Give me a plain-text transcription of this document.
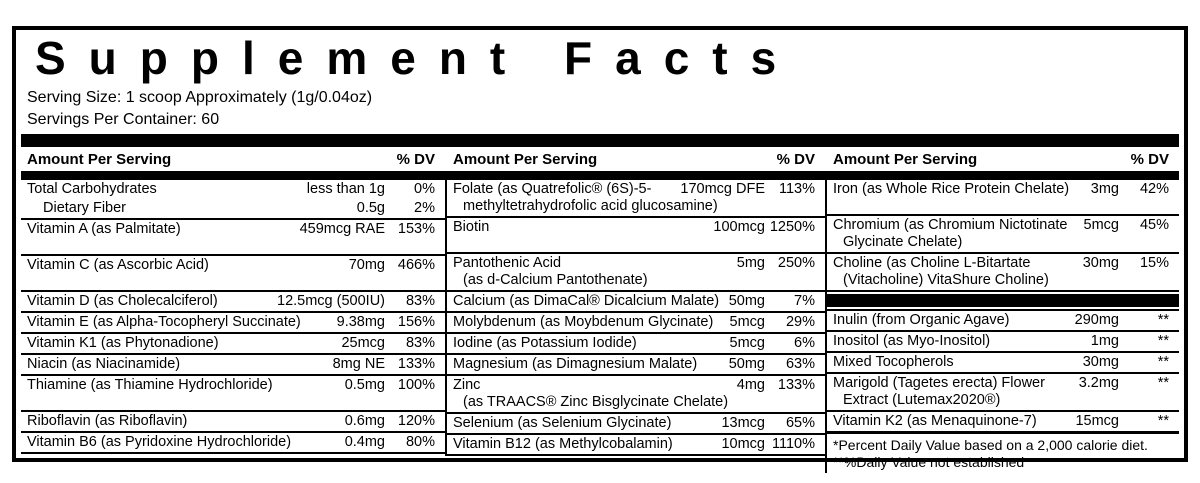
Supplement Facts
Serving Size: 1 scoop Approximately (1g/0.04oz)
Servings Per Container: 60
Amount Per Serving	% DV Amount Per Serving	% DV Amount Per Serving	% DV
Total Carbohydrates	less than 1g	0%
Dietary Fiber	0.5g	2%
Vitamin A (as Palmitate)	459mcg RAE 153%
Vitamin C (as Ascorbic Acid)	70mg 466%
Vitamin D (as Cholecalciferol)	12.5mcg (500IU)	83%
Vitamin E (as Alpha-Tocopheryl Succinate) 9.38mg 156%
Vitamin K1 (as Phytonadione)	25mcg	83%
Niacin (as Niacinamide)	8mg NE 133%
Thiamine (as Thiamine Hydrochloride)	0.5mg 100%
Riboflavin (as Riboflavin)	0.6mg 120%
Vitamin B6 (as Pyridoxine Hydrochloride)	0.4mg	80%
Folate (as Quatrefolic® (6S)-5- 170mcg DFE 113%
methyltetrahydrofolic acid glucosamine)
Biotin	100mcg 1250%
Pantothenic Acid	5mg 250%
(as d-Calcium Pantothenate)
Calcium (as DimaCal® Dicalcium Malate) 50mg	7%
Molybdenum (as Moybdenum Glycinate) 5mcg	29%
Iodine (as Potassium Iodide)	5mcg	6%
Magnesium (as Dimagnesium Malate) 50mg	63%
Zinc	4mg 133%
(as TRAACS® Zinc Bisglycinate Chelate)
Selenium (as Selenium Glycinate)	13mcg	65%
Vitamin B12 (as Methylcobalamin)	10mcg 1110%
Iron (as Whole Rice Protein Chelate) 3mg	42%
Chromium (as Chromium Nictotinate 5mcg	45%
Glycinate Chelate)
Choline (as Choline L-Bitartate	30mg	15%
(Vitacholine) VitaShure Choline)
Inulin (from Organic Agave)	290mg	**
Inositol (as Myo-Inositol)	1mg	**
Mixed Tocopherols	30mg	**
Marigold (Tagetes erecta) Flower 3.2mg	**
Extract (Lutemax2020®)
Vitamin K2 (as Menaquinone-7)	15mcg	**
*Percent Daily Value based on a 2,000 calorie diet.
**%Daily Value not established
